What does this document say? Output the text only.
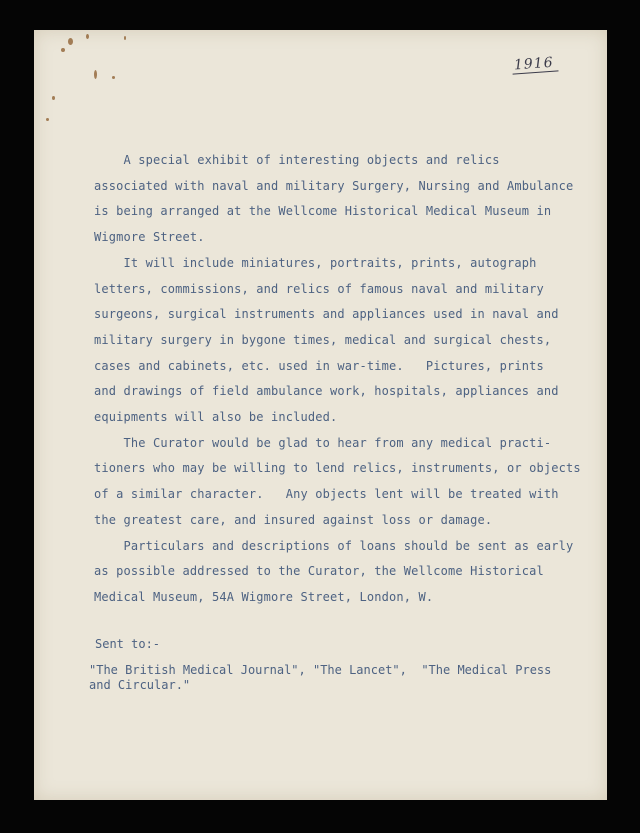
1916

A special exhibit of interesting objects and relics

associated with naval and military Surgery, Nursing and Ambulance

is being arranged at the Wellcome Historical Medical Museum in

Wigmore Street.

It will include miniatures, portraits, prints, autograph

letters, commissions, and relics of famous naval and military

surgeons, surgical instruments and appliances used in naval and

military surgery in bygone times, medical and surgical chests,

cases and cabinets, etc. used in war-time.   Pictures, prints

and drawings of field ambulance work, hospitals, appliances and

equipments will also be included.

The Curator would be glad to hear from any medical practi-

tioners who may be willing to lend relics, instruments, or objects

of a similar character.   Any objects lent will be treated with

the greatest care, and insured against loss or damage.

Particulars and descriptions of loans should be sent as early

as possible addressed to the Curator, the Wellcome Historical

Medical Museum, 54A Wigmore Street, London, W.

Sent to:-

"The British Medical Journal", "The Lancet",  "The Medical Press

and Circular."
